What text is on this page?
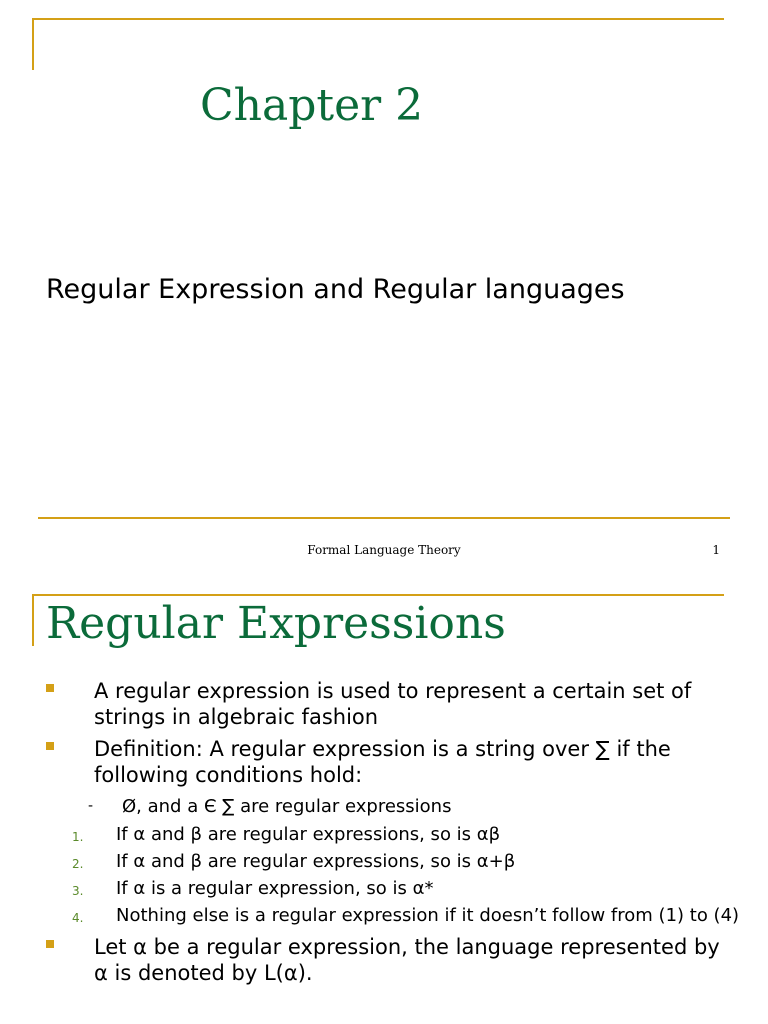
Chapter 2
Regular Expression and Regular languages
Formal Language Theory	1
Regular Expressions
A regular expression is used to represent a certain set of strings in algebraic fashion
Definition: A regular expression is a string over ∑ if the following conditions hold:
- Ø, and a Є ∑ are regular expressions
1.	If α and β are regular expressions, so is αβ
2.	If α and β are regular expressions, so is α+β
3.	If α is a regular expression, so is α*
4.	Nothing else is a regular expression if it doesn’t follow from (1) to (4)
Let α be a regular expression, the language represented by α is denoted by L(α).
